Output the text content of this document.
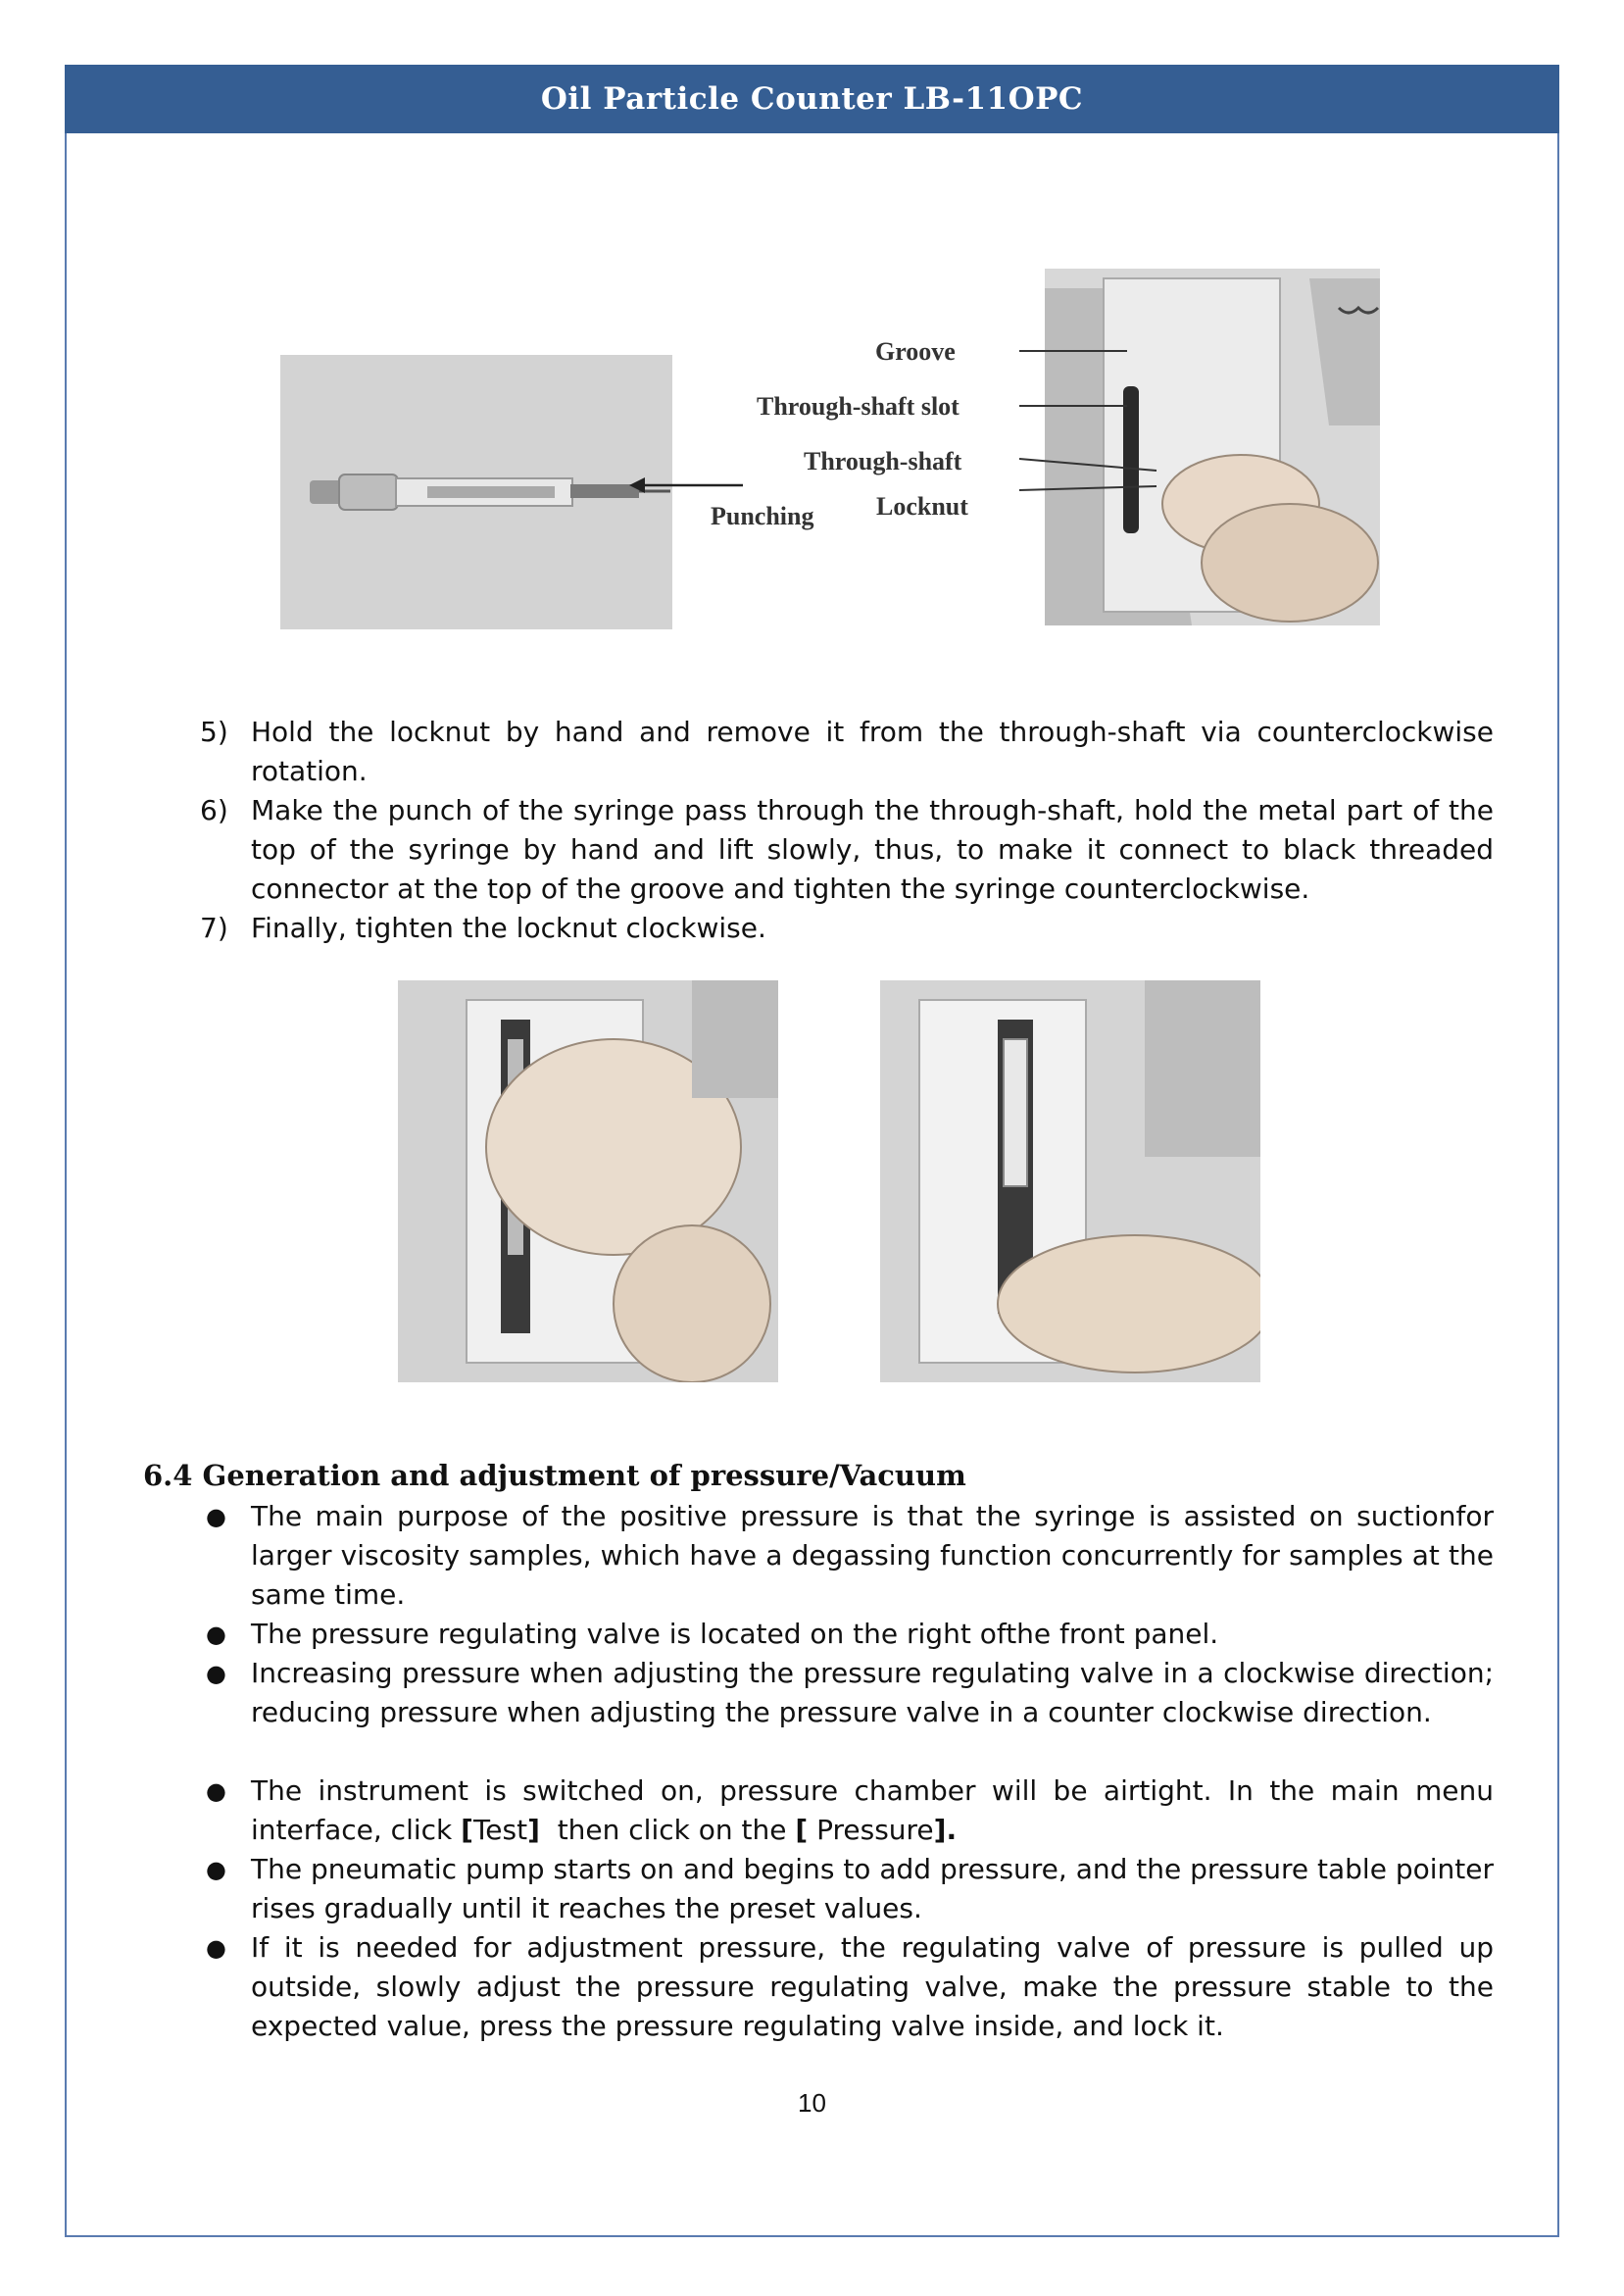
Oil Particle Counter LB-11OPC
Groove
Through-shaft slot
Through-shaft
Punching Locknut
5) Hold the locknut by hand and remove it from the through-shaft via counterclockwise rotation.
6) Make the punch of the syringe pass through the through-shaft, hold the metal part of the top of the syringe by hand and lift slowly, thus, to make it connect to black threaded connector at the top of the groove and tighten the syringe counterclockwise.
7) Finally, tighten the locknut clockwise.
6.4 Generation and adjustment of pressure/Vacuum
● The main purpose of the positive pressure is that the syringe is assisted on suctionfor larger viscosity samples, which have a degassing function concurrently for samples at the same time.
● The pressure regulating valve is located on the right ofthe front panel.
● Increasing pressure when adjusting the pressure regulating valve in a clockwise direction; reducing pressure when adjusting the pressure valve in a counter clockwise direction.
● The instrument is switched on, pressure chamber will be airtight. In the main menu interface, click [Test]  then click on the [ Pressure].
● The pneumatic pump starts on and begins to add pressure, and the pressure table pointer rises gradually until it reaches the preset values.
● If it is needed for adjustment pressure, the regulating valve of pressure is pulled up outside, slowly adjust the pressure regulating valve, make the pressure stable to the expected value, press the pressure regulating valve inside, and lock it.
10
